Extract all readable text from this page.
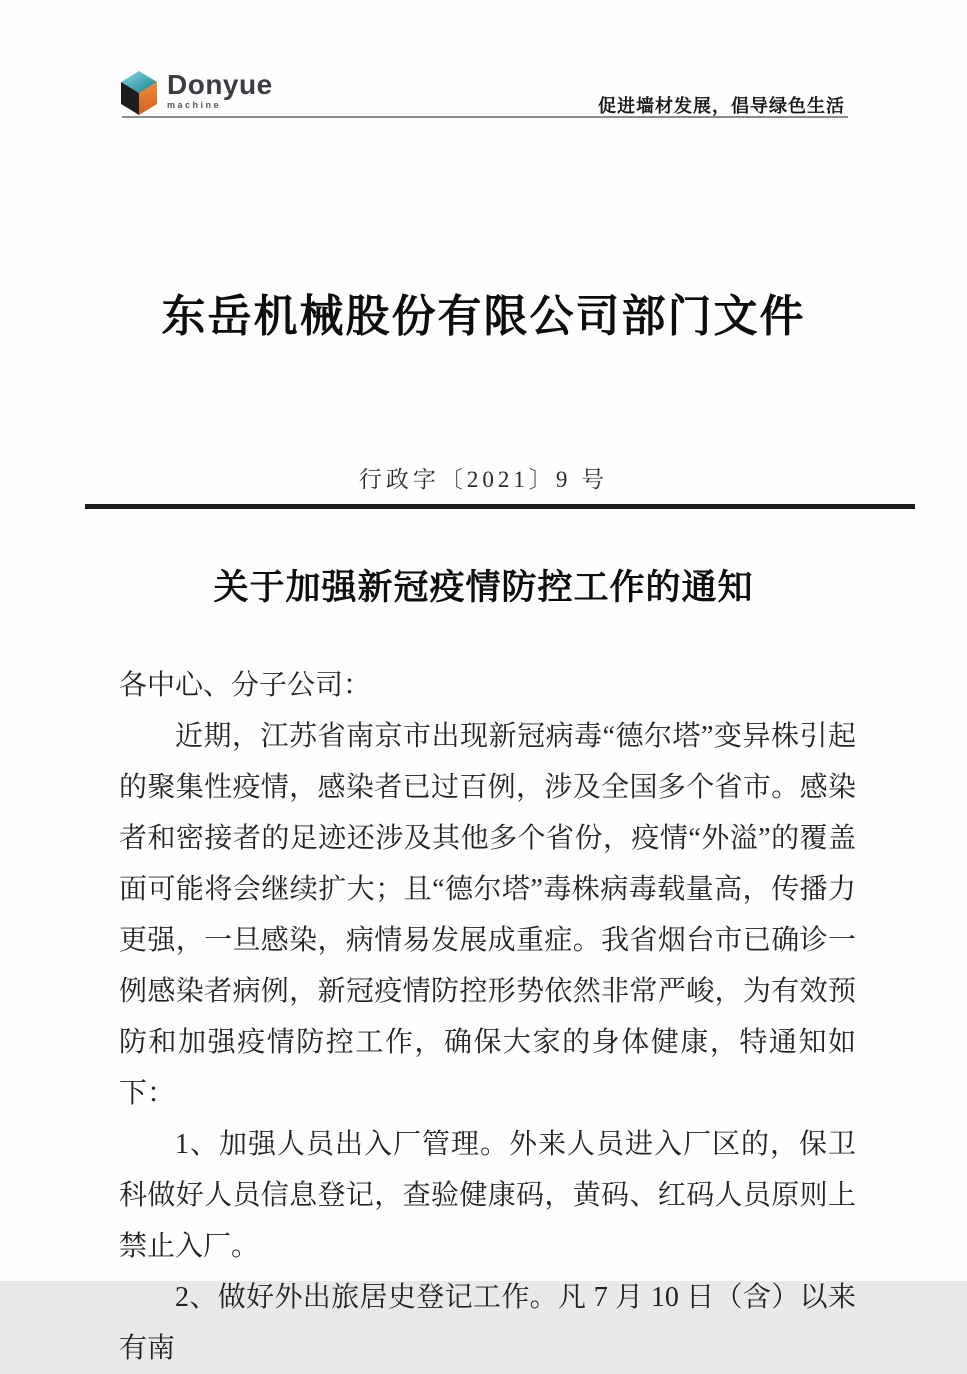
Donyue
machine	促进墙材发展，倡导绿色生活
东岳机械股份有限公司部门文件
行政字〔2021〕9 号
关于加强新冠疫情防控工作的通知

各中心、分子公司：

近期，江苏省南京市出现新冠病毒“德尔塔”变异株引起的聚集性疫情，感染者已过百例，涉及全国多个省市。感染者和密接者的足迹还涉及其他多个省份，疫情“外溢”的覆盖面可能将会继续扩大；且“德尔塔”毒株病毒载量高，传播力更强，一旦感染，病情易发展成重症。我省烟台市已确诊一例感染者病例，新冠疫情防控形势依然非常严峻，为有效预防和加强疫情防控工作，确保大家的身体健康，特通知如下：

1、加强人员出入厂管理。外来人员进入厂区的，保卫科做好人员信息登记，查验健康码，黄码、红码人员原则上禁止入厂。

2、做好外出旅居史登记工作。凡 7 月 10 日（含）以来有南
